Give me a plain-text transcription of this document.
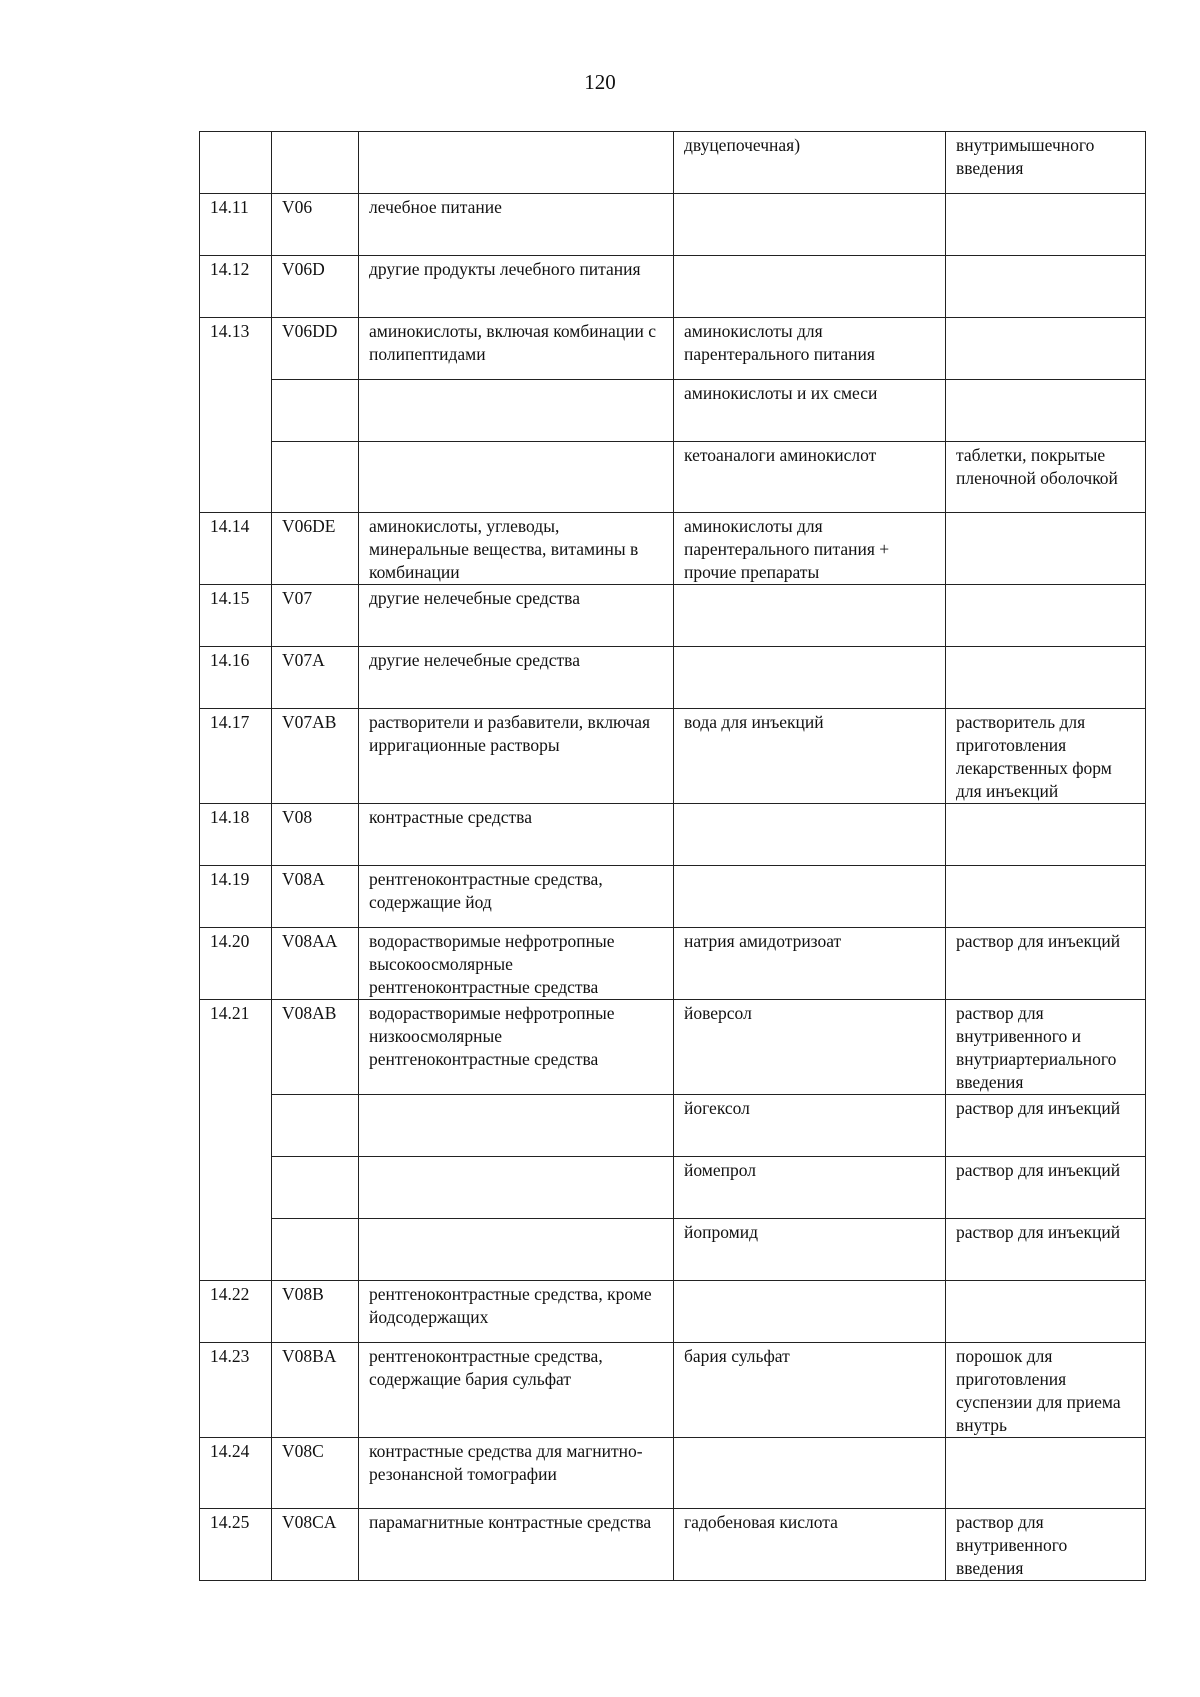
120
			двуцепочечная)	внутримышечного введения
14.11	V06	лечебное питание		
14.12	V06D	другие продукты лечебного питания		
14.13	V06DD	аминокислоты, включая комбинации с полипептидами	аминокислоты для парентерального питания	
			аминокислоты и их смеси	
			кетоаналоги аминокислот	таблетки, покрытые пленочной оболочкой
14.14	V06DE	аминокислоты, углеводы, минеральные вещества, витамины в комбинации	аминокислоты для парентерального питания + прочие препараты	
14.15	V07	другие нелечебные средства		
14.16	V07A	другие нелечебные средства		
14.17	V07AB	растворители и разбавители, включая ирригационные растворы	вода для инъекций	растворитель для приготовления лекарственных форм для инъекций
14.18	V08	контрастные средства		
14.19	V08A	рентгеноконтрастные средства, содержащие йод		
14.20	V08AA	водорастворимые нефротропные высокоосмолярные рентгеноконтрастные средства	натрия амидотризоат	раствор для инъекций
14.21	V08AB	водорастворимые нефротропные низкоосмолярные рентгеноконтрастные средства	йоверсол	раствор для внутривенного и внутриартериального введения
			йогексол	раствор для инъекций
			йомепрол	раствор для инъекций
			йопромид	раствор для инъекций
14.22	V08B	рентгеноконтрастные средства, кроме йодсодержащих		
14.23	V08BA	рентгеноконтрастные средства, содержащие бария сульфат	бария сульфат	порошок для приготовления суспензии для приема внутрь
14.24	V08C	контрастные средства для магнитно-резонансной томографии		
14.25	V08CA	парамагнитные контрастные средства	гадобеновая кислота	раствор для внутривенного введения
